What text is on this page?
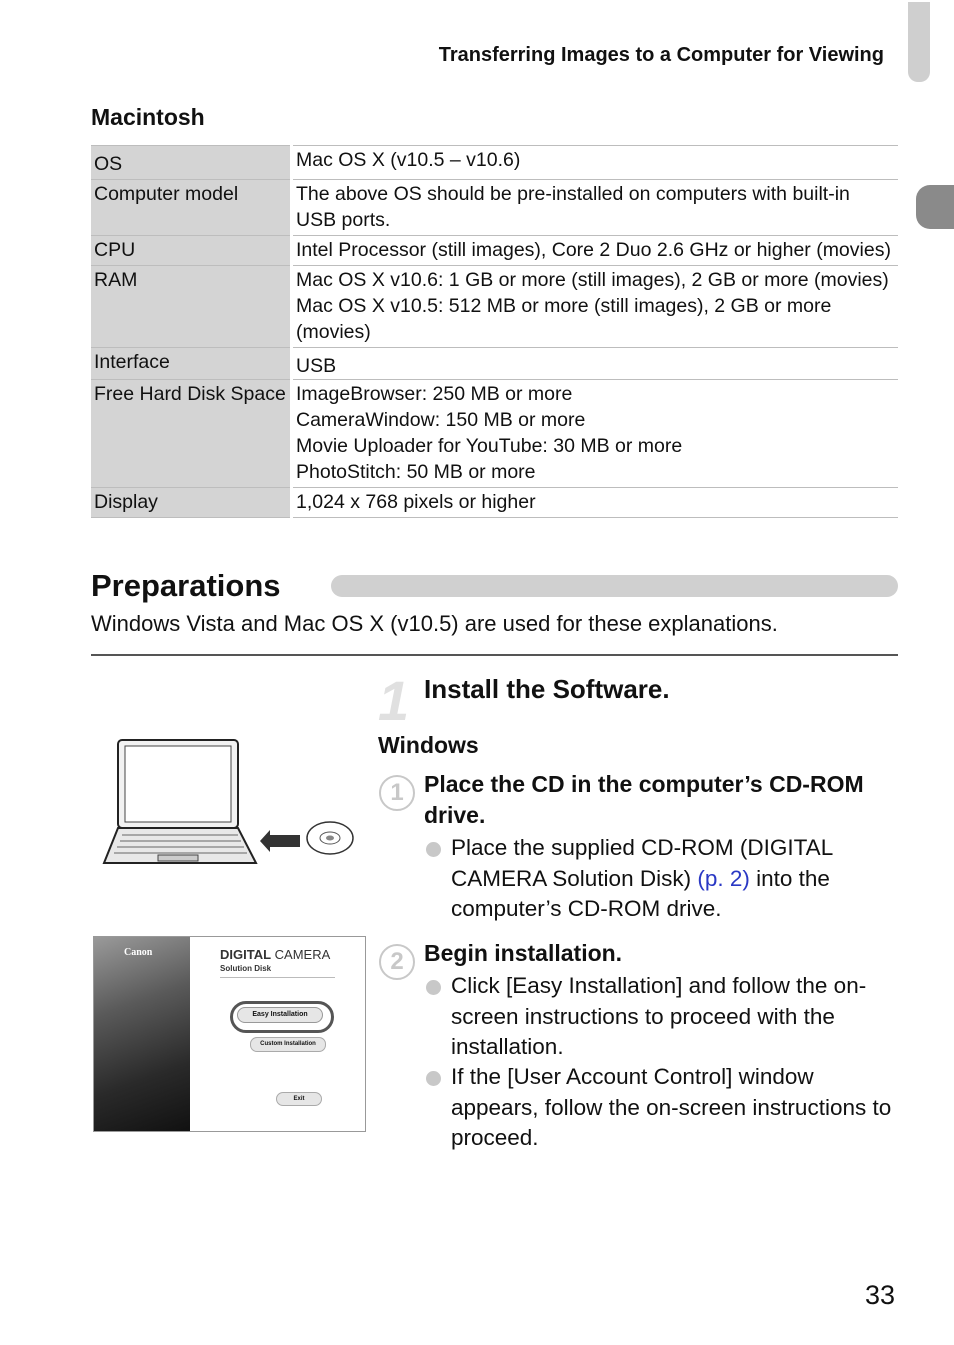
Transferring Images to a Computer for Viewing
Macintosh
OS	Mac OS X (v10.5 – v10.6)
Computer model	The above OS should be pre-installed on computers with built-in USB ports.
CPU	Intel Processor (still images), Core 2 Duo 2.6 GHz or higher (movies)
RAM	Mac OS X v10.6: 1 GB or more (still images), 2 GB or more (movies)
Mac OS X v10.5: 512 MB or more (still images), 2 GB or more (movies)

Interface	USB
Free Hard Disk Space	ImageBrowser: 250 MB or more
CameraWindow: 150 MB or more
Movie Uploader for YouTube: 30 MB or more
PhotoStitch: 50 MB or more

Display	1,024 x 768 pixels or higher
Preparations
Windows Vista and Mac OS X (v10.5) are used for these explanations.
1 Install the Software.
Windows
1 Place the CD in the computer’s CD-ROM drive.
Place the supplied CD-ROM (DIGITAL CAMERA Solution Disk) (p. 2) into the computer’s CD-ROM drive.
2 Begin installation.
Click [Easy Installation] and follow the on-screen instructions to proceed with the installation.
If the [User Account Control] window appears, follow the on-screen instructions to proceed.
Canon	DIGITAL CAMERA
Solution Disk
Easy Installation
Custom Installation
Exit
33
